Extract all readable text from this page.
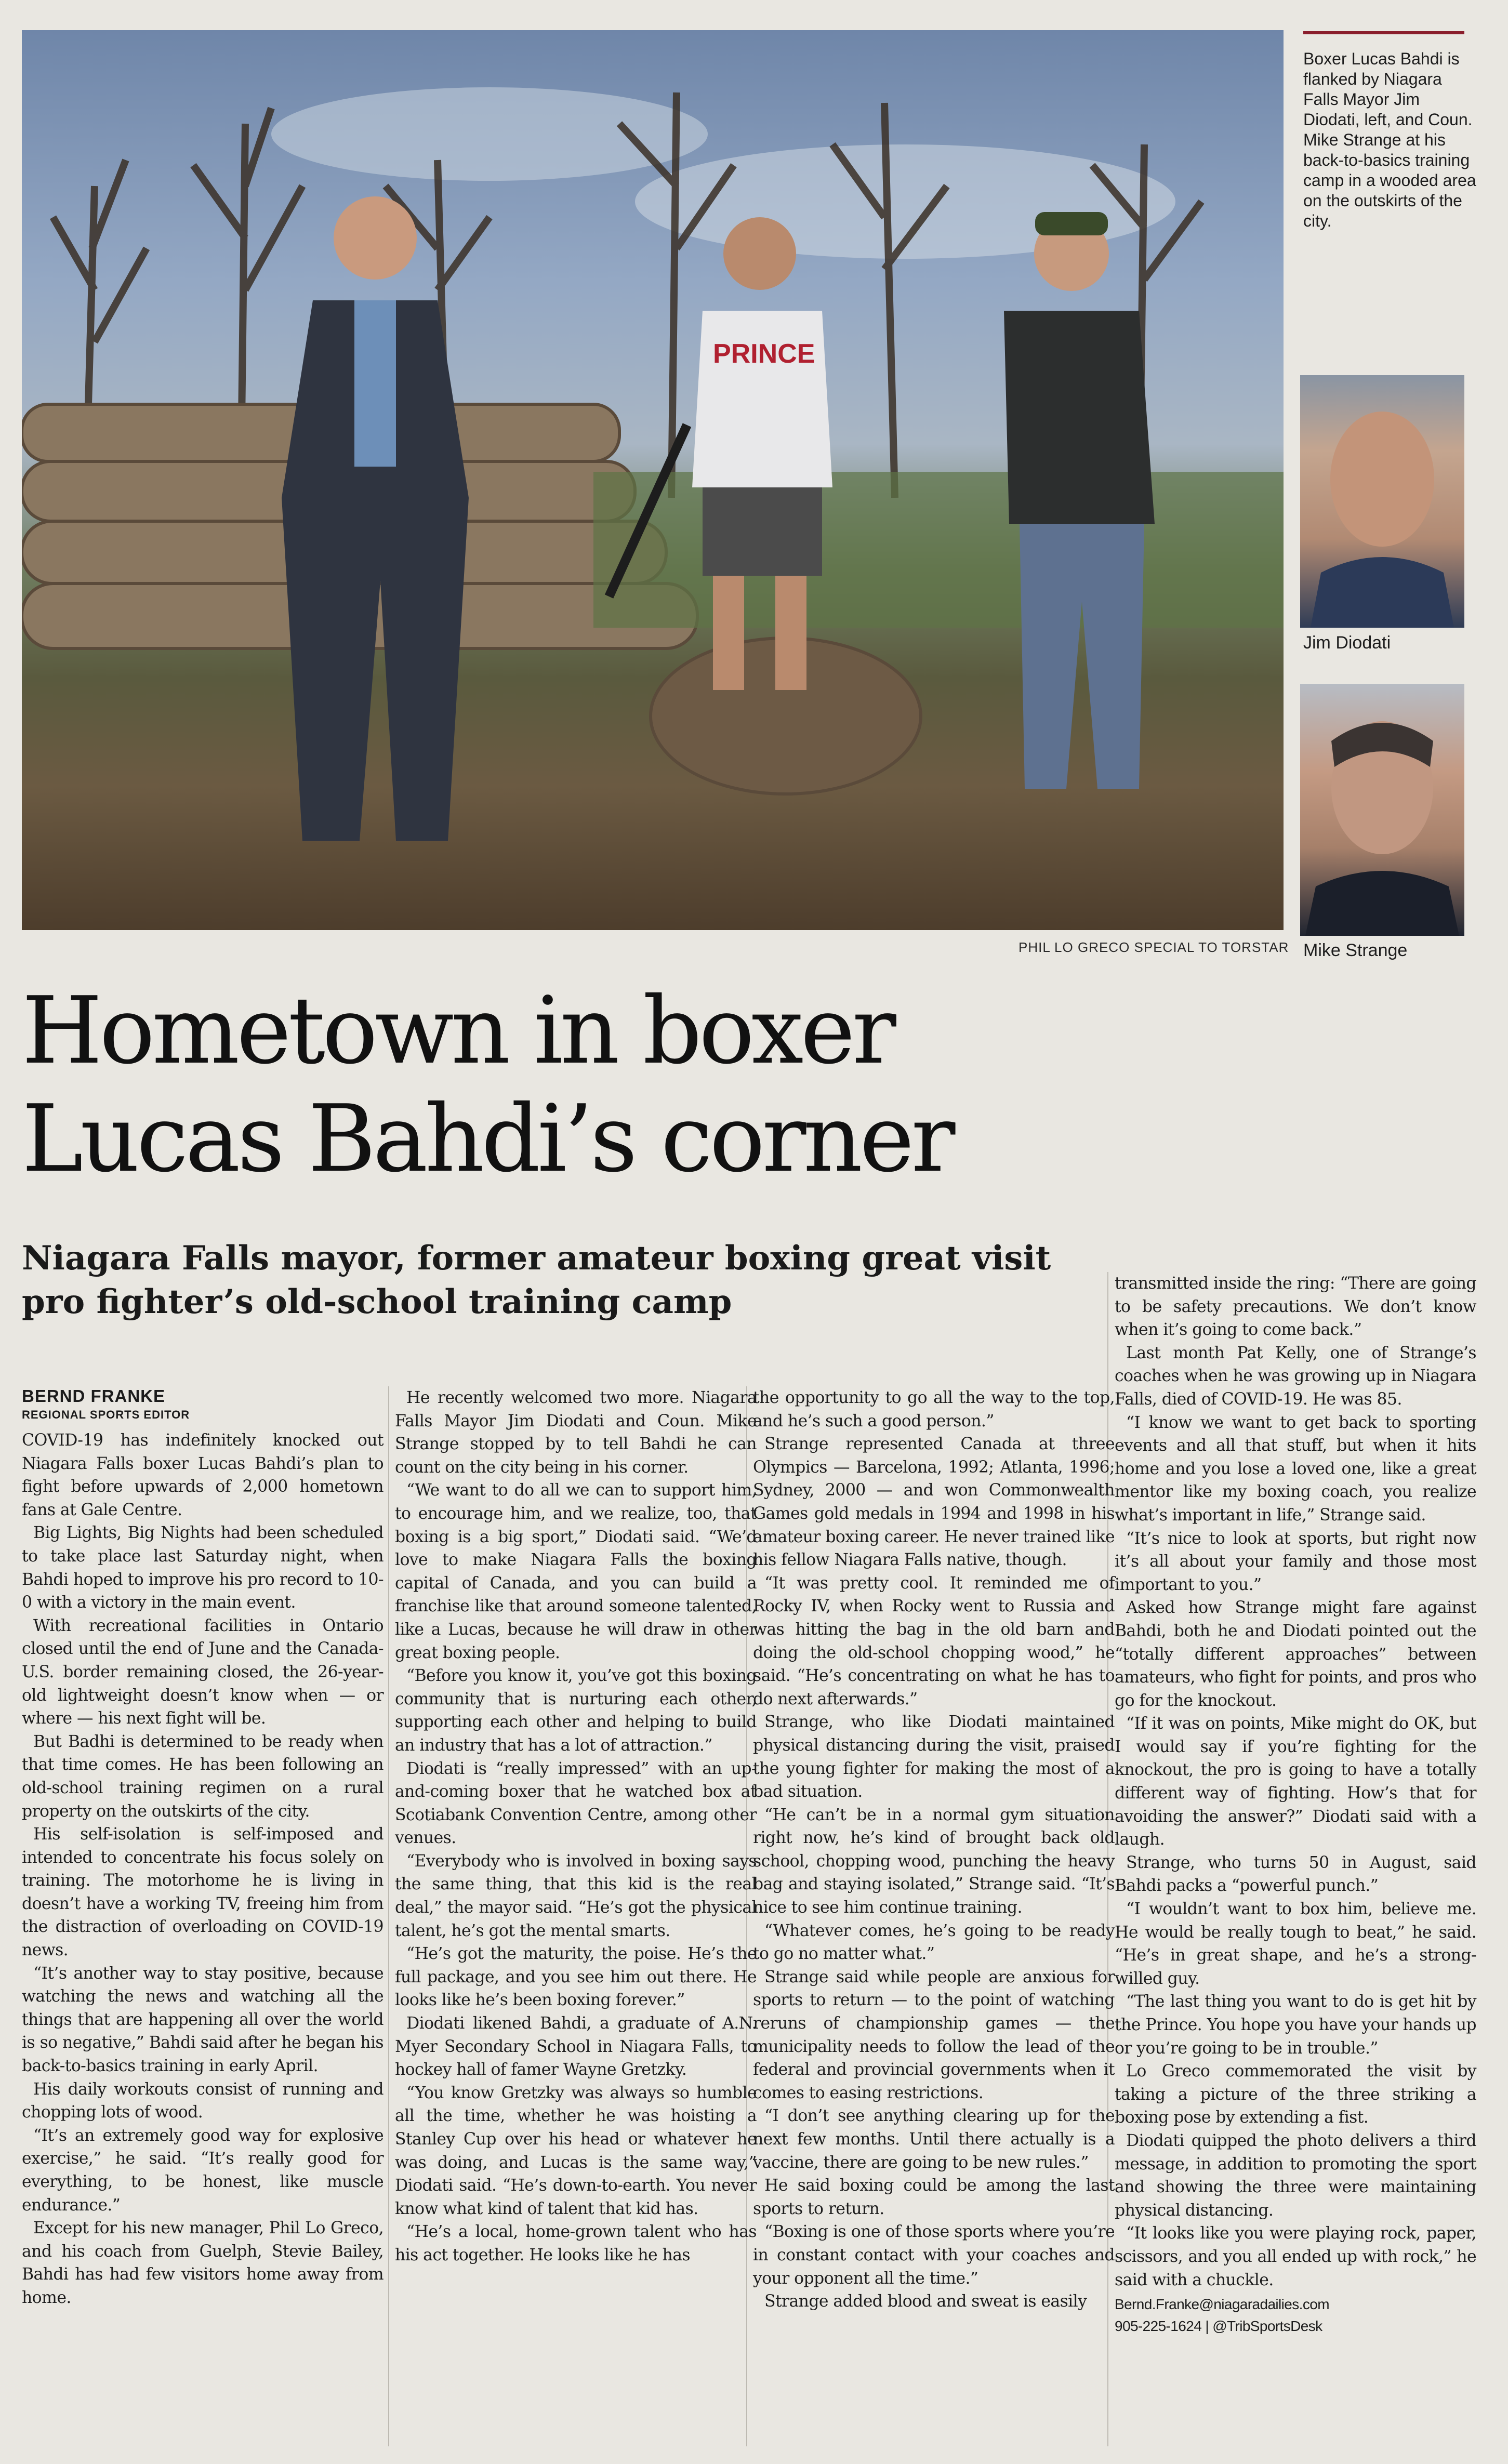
PRINCE
Boxer Lucas Bahdi is flanked by Niagara Falls Mayor Jim Diodati, left, and Coun. Mike Strange at his back-to-basics training camp in a wooded area on the outskirts of the city.
Jim Diodati
Mike Strange
PHIL LO GRECO SPECIAL TO TORSTAR
Hometown in boxer
Lucas Bahdi’s corner
Niagara Falls mayor, former amateur boxing great visit pro fighter’s old-school training camp
BERND FRANKE
REGIONAL SPORTS EDITOR

COVID-19 has indefinitely knocked out Niagara Falls boxer Lucas Bahdi’s plan to fight before upwards of 2,000 hometown fans at Gale Centre.

Big Lights, Big Nights had been scheduled to take place last Saturday night, when Bahdi hoped to improve his pro record to 10-0 with a victory in the main event.

With recreational facilities in Ontario closed until the end of June and the Canada-U.S. border remaining closed, the 26-year-old lightweight doesn’t know when — or where — his next fight will be.

But Badhi is determined to be ready when that time comes. He has been following an old-school training regimen on a rural property on the outskirts of the city.

His self-isolation is self-imposed and intended to concentrate his focus solely on training. The motorhome he is living in doesn’t have a working TV, freeing him from the distraction of overloading on COVID-19 news.

“It’s another way to stay positive, because watching the news and watching all the things that are happening all over the world is so negative,” Bahdi said after he began his back-to-basics training in early April.

His daily workouts consist of running and chopping lots of wood.

“It’s an extremely good way for explosive exercise,” he said. “It’s really good for everything, to be honest, like muscle endurance.”

Except for his new manager, Phil Lo Greco, and his coach from Guelph, Stevie Bailey, Bahdi has had few visitors home away from home.

He recently welcomed two more. Niagara Falls Mayor Jim Diodati and Coun. Mike Strange stopped by to tell Bahdi he can count on the city being in his corner.

“We want to do all we can to support him, to encourage him, and we realize, too, that boxing is a big sport,” Diodati said. “We’d love to make Niagara Falls the boxing capital of Canada, and you can build a franchise like that around someone talented, like a Lucas, because he will draw in other great boxing people.

“Before you know it, you’ve got this boxing community that is nurturing each other, supporting each other and helping to build an industry that has a lot of attraction.”

Diodati is “really impressed” with an up-and-coming boxer that he watched box at Scotiabank Convention Centre, among other venues.

“Everybody who is involved in boxing says the same thing, that this kid is the real deal,” the mayor said. “He’s got the physical talent, he’s got the mental smarts.

“He’s got the maturity, the poise. He’s the full package, and you see him out there. He looks like he’s been boxing forever.”

Diodati likened Bahdi, a graduate of A.N. Myer Secondary School in Niagara Falls, to hockey hall of famer Wayne Gretzky.

“You know Gretzky was always so humble all the time, whether he was hoisting a Stanley Cup over his head or whatever he was doing, and Lucas is the same way,” Diodati said. “He’s down-to-earth. You never know what kind of talent that kid has.

“He’s a local, home-grown talent who has his act together. He looks like he has

the opportunity to go all the way to the top, and he’s such a good person.”

Strange represented Canada at three Olympics — Barcelona, 1992; Atlanta, 1996; Sydney, 2000 — and won Commonwealth Games gold medals in 1994 and 1998 in his amateur boxing career. He never trained like his fellow Niagara Falls native, though.

“It was pretty cool. It reminded me of Rocky IV, when Rocky went to Russia and was hitting the bag in the old barn and doing the old-school chopping wood,” he said. “He’s concentrating on what he has to do next afterwards.”

Strange, who like Diodati maintained physical distancing during the visit, praised the young fighter for making the most of a bad situation.

“He can’t be in a normal gym situation right now, he’s kind of brought back old school, chopping wood, punching the heavy bag and staying isolated,” Strange said. “It’s nice to see him continue training.

“Whatever comes, he’s going to be ready to go no matter what.”

Strange said while people are anxious for sports to return — to the point of watching reruns of championship games — the municipality needs to follow the lead of the federal and provincial governments when it comes to easing restrictions.

“I don’t see anything clearing up for the next few months. Until there actually is a vaccine, there are going to be new rules.”

He said boxing could be among the last sports to return.

“Boxing is one of those sports where you’re in constant contact with your coaches and your opponent all the time.”

Strange added blood and sweat is easily

transmitted inside the ring: “There are going to be safety precautions. We don’t know when it’s going to come back.”

Last month Pat Kelly, one of Strange’s coaches when he was growing up in Niagara Falls, died of COVID-19. He was 85.

“I know we want to get back to sporting events and all that stuff, but when it hits home and you lose a loved one, like a great mentor like my boxing coach, you realize what’s important in life,” Strange said.

“It’s nice to look at sports, but right now it’s all about your family and those most important to you.”

Asked how Strange might fare against Bahdi, both he and Diodati pointed out the “totally different approaches” between amateurs, who fight for points, and pros who go for the knockout.

“If it was on points, Mike might do OK, but I would say if you’re fighting for the knockout, the pro is going to have a totally different way of fighting. How’s that for avoiding the answer?” Diodati said with a laugh.

Strange, who turns 50 in August, said Bahdi packs a “powerful punch.”

“I wouldn’t want to box him, believe me. He would be really tough to beat,” he said. “He’s in great shape, and he’s a strong-willed guy.

“The last thing you want to do is get hit by the Prince. You hope you have your hands up or you’re going to be in trouble.”

Lo Greco commemorated the visit by taking a picture of the three striking a boxing pose by extending a fist.

Diodati quipped the photo delivers a third message, in addition to promoting the sport and showing the three were maintaining physical distancing.

“It looks like you were playing rock, paper, scissors, and you all ended up with rock,” he said with a chuckle.

Bernd.Franke@niagaradailies.com
905-225-1624 | @TribSportsDesk
